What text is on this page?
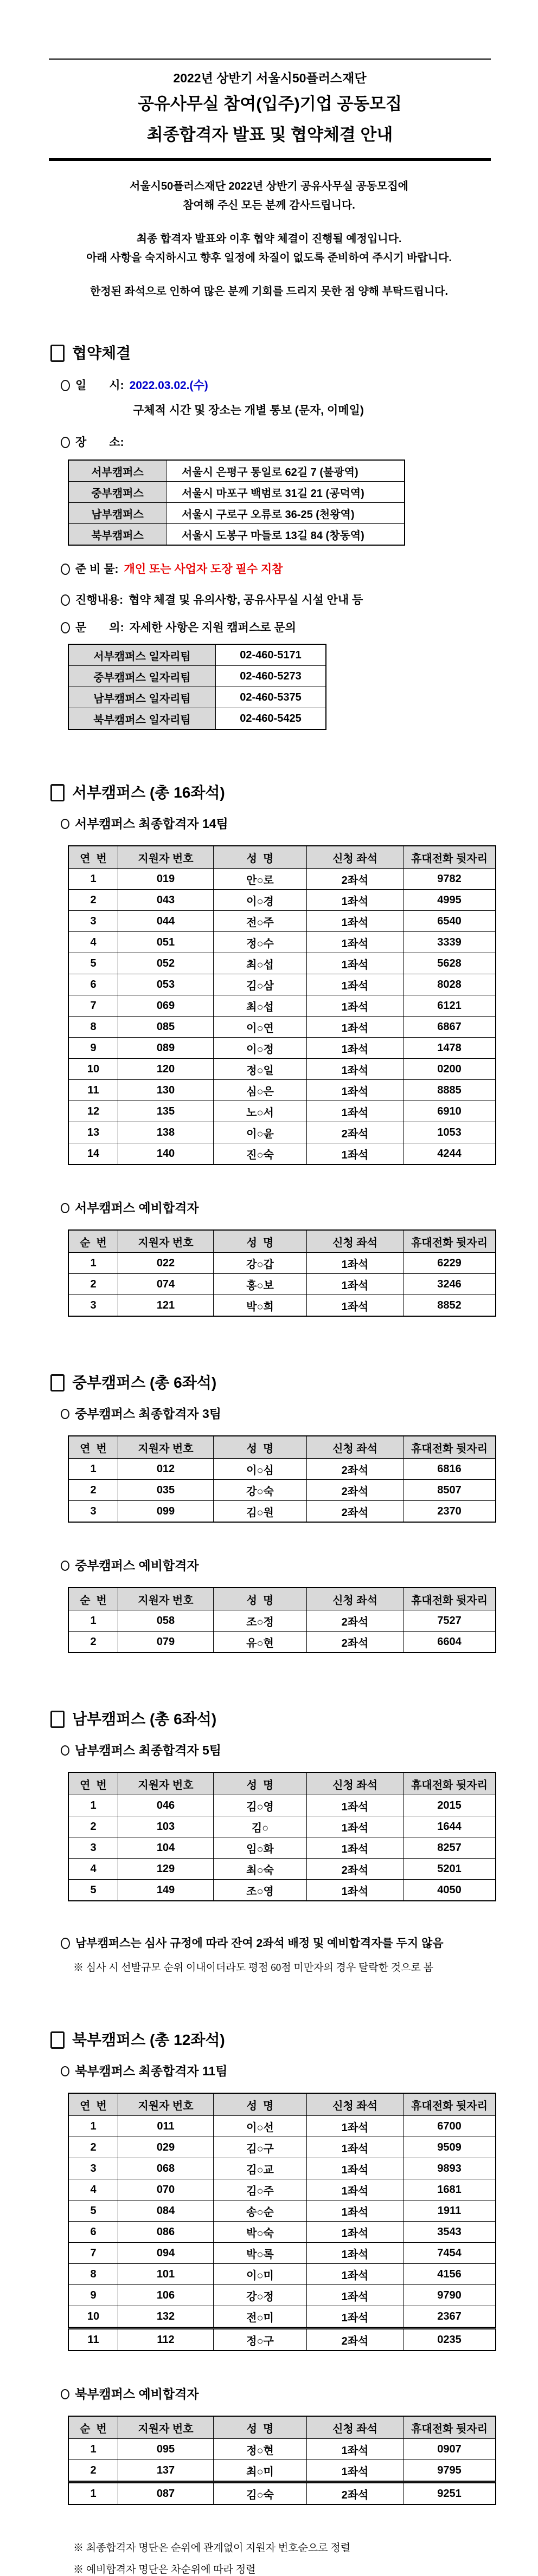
2022년 상반기 서울시50플러스재단
공유사무실 참여(입주)기업 공동모집
최종합격자 발표 및 협약체결 안내
서울시50플러스재단 2022년 상반기 공유사무실 공동모집에
참여해 주신 모든 분께 감사드립니다.
최종 합격자 발표와 이후 협약 체결이 진행될 예정입니다.
아래 사항을 숙지하시고 향후 일정에 차질이 없도록 준비하여 주시기 바랍니다.
한정된 좌석으로 인하여 많은 분께 기회를 드리지 못한 점 양해 부탁드립니다.
협약체결
일　　시: 2022.03.02.(수)
구체적 시간 및 장소는 개별 통보 (문자, 이메일)
장　　소:
서부캠퍼스	서울시 은평구 통일로 62길 7 (불광역)
중부캠퍼스	서울시 마포구 백범로 31길 21 (공덕역)
남부캠퍼스	서울시 구로구 오류로 36-25 (천왕역)
북부캠퍼스	서울시 도봉구 마들로 13길 84 (창동역)
준 비 물: 개인 또는 사업자 도장 필수 지참
진행내용: 협약 체결 및 유의사항, 공유사무실 시설 안내 등
문　　의: 자세한 사항은 지원 캠퍼스로 문의
서부캠퍼스 일자리팀	02-460-5171
중부캠퍼스 일자리팀	02-460-5273
남부캠퍼스 일자리팀	02-460-5375
북부캠퍼스 일자리팀	02-460-5425
서부캠퍼스 (총 16좌석)
서부캠퍼스 최종합격자 14팀
연  번	지원자 번호	성  명	신청 좌석	휴대전화 뒷자리
1	019	안○로	2좌석	9782
2	043	이○경	1좌석	4995
3	044	전○주	1좌석	6540
4	051	정○수	1좌석	3339
5	052	최○섭	1좌석	5628
6	053	김○삼	1좌석	8028
7	069	최○섭	1좌석	6121
8	085	이○연	1좌석	6867
9	089	이○정	1좌석	1478
10	120	정○일	1좌석	0200
11	130	심○은	1좌석	8885
12	135	노○서	1좌석	6910
13	138	이○윤	2좌석	1053
14	140	진○숙	1좌석	4244
서부캠퍼스 예비합격자
순  번	지원자 번호	성  명	신청 좌석	휴대전화 뒷자리
1	022	강○갑	1좌석	6229
2	074	홍○보	1좌석	3246
3	121	박○희	1좌석	8852
중부캠퍼스 (총 6좌석)
중부캠퍼스 최종합격자 3팀
연  번	지원자 번호	성  명	신청 좌석	휴대전화 뒷자리
1	012	이○심	2좌석	6816
2	035	강○숙	2좌석	8507
3	099	김○원	2좌석	2370
중부캠퍼스 예비합격자
순  번	지원자 번호	성  명	신청 좌석	휴대전화 뒷자리
1	058	조○정	2좌석	7527
2	079	유○현	2좌석	6604
남부캠퍼스 (총 6좌석)
남부캠퍼스 최종합격자 5팀
연  번	지원자 번호	성  명	신청 좌석	휴대전화 뒷자리
1	046	김○영	1좌석	2015
2	103	김○	1좌석	1644
3	104	임○화	1좌석	8257
4	129	최○숙	2좌석	5201
5	149	조○영	1좌석	4050
남부캠퍼스는 심사 규정에 따라 잔여 2좌석 배정 및 예비합격자를 두지 않음
※ 심사 시 선발규모 순위 이내이더라도 평점 60점 미만자의 경우 탈락한 것으로 봄
북부캠퍼스 (총 12좌석)
북부캠퍼스 최종합격자 11팀
연  번	지원자 번호	성  명	신청 좌석	휴대전화 뒷자리
1	011	이○선	1좌석	6700
2	029	김○구	1좌석	9509
3	068	김○교	1좌석	9893
4	070	김○주	1좌석	1681
5	084	송○순	1좌석	1911
6	086	박○숙	1좌석	3543
7	094	박○록	1좌석	7454
8	101	이○미	1좌석	4156
9	106	강○정	1좌석	9790
10	132	전○미	1좌석	2367
11	112	정○구	2좌석	0235
북부캠퍼스 예비합격자
순  번	지원자 번호	성  명	신청 좌석	휴대전화 뒷자리
1	095	정○현	1좌석	0907
2	137	최○미	1좌석	9795
1	087	김○숙	2좌석	9251
※ 최종합격자 명단은 순위에 관계없이 지원자 번호순으로 정렬
※ 예비합격자 명단은 차순위에 따라 정렬
